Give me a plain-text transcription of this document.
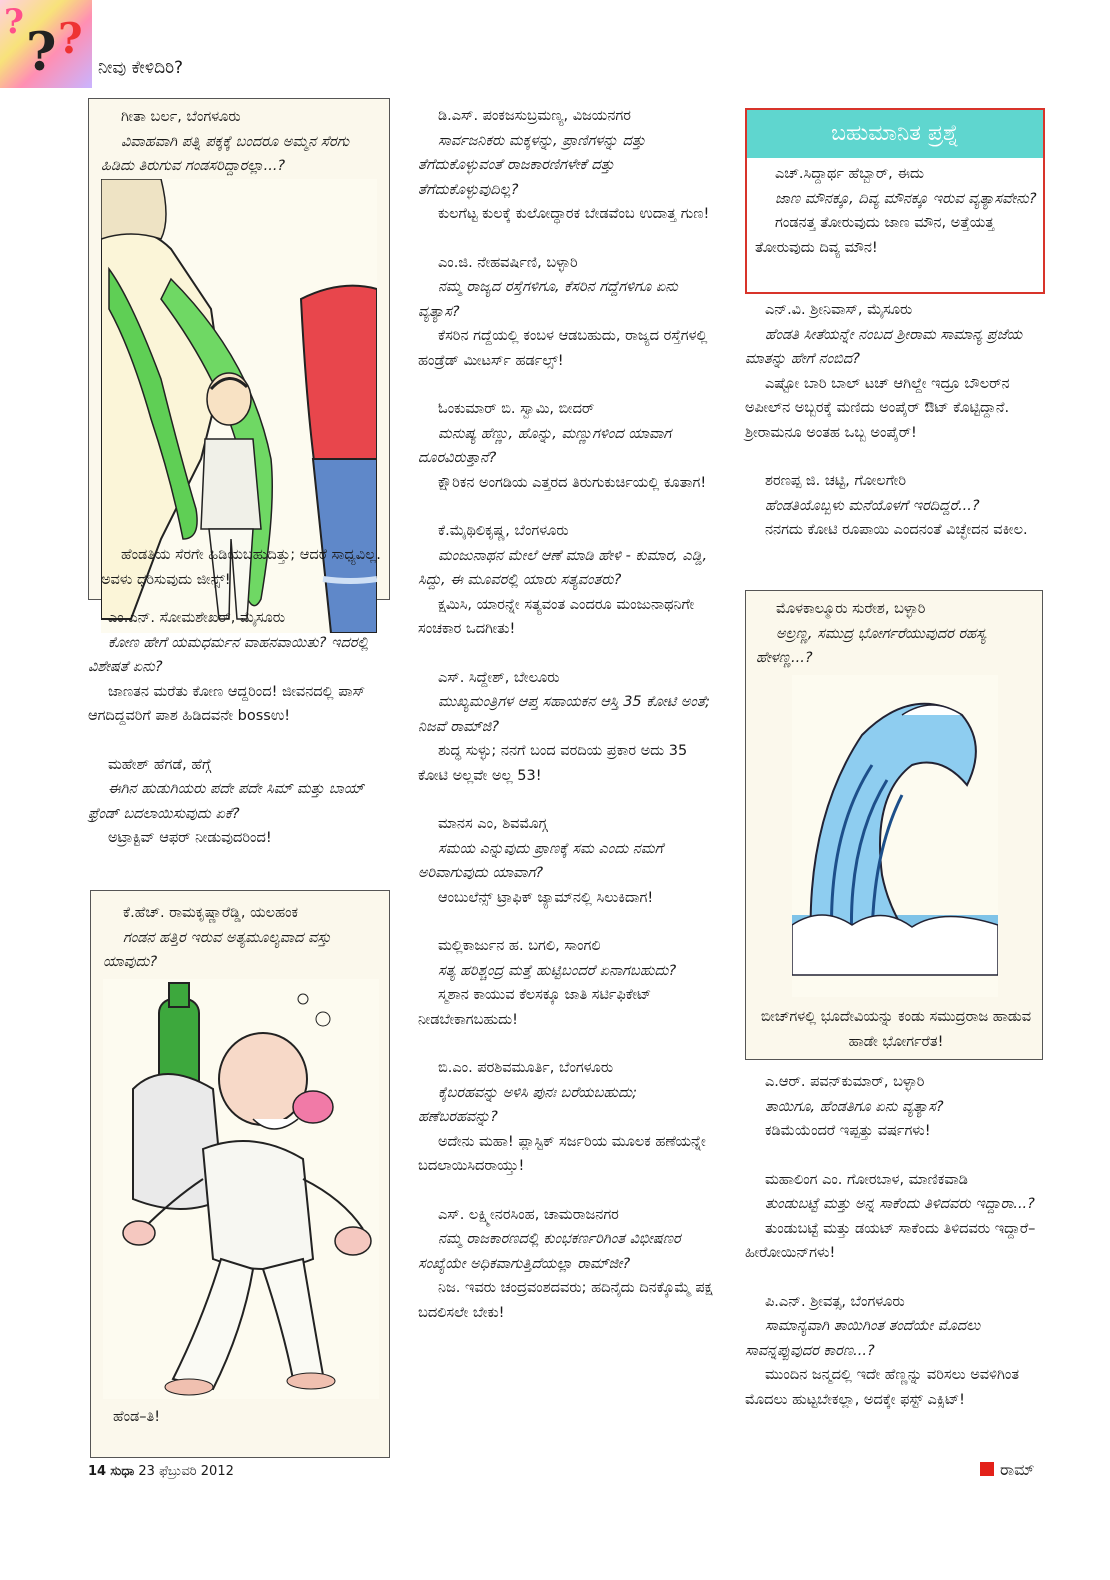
? ? ?
ನೀವು ಕೇಳಿದಿರಿ?
ಗೀತಾ ಬರ್ಲ, ಬೆಂಗಳೂರು
ವಿವಾಹವಾಗಿ ಪತ್ನಿ ಪಕ್ಕಕ್ಕೆ ಬಂದರೂ ಅಮ್ಮನ ಸೆರಗು ಹಿಡಿದು ತಿರುಗುವ ಗಂಡಸರಿದ್ದಾರಲ್ಲಾ...?
ಹೆಂಡತಿಯ ಸೆರಗೇ ಹಿಡಿಯಬಹುದಿತ್ತು; ಆದರೆ ಸಾಧ್ಯವಿಲ್ಲ. ಅವಳು ಧರಿಸುವುದು ಜೀನ್ಸ್!
ಎಂ.ಎನ್. ಸೋಮಶೇಖರ್, ಮೈಸೂರು
ಕೋಣ ಹೇಗೆ ಯಮಧರ್ಮನ ವಾಹನವಾಯಿತು? ಇದರಲ್ಲಿ ವಿಶೇಷತೆ ಏನು?
ಜಾಣತನ ಮರೆತು ಕೋಣ ಆದ್ದರಿಂದ! ಜೀವನದಲ್ಲಿ ಪಾಸ್ ಆಗದಿದ್ದವರಿಗೆ ಪಾಶ ಹಿಡಿದವನೇ bossಉ!
ಮಹೇಶ್ ಹೆಗಡೆ, ಹೆಗ್ಗೆ
ಈಗಿನ ಹುಡುಗಿಯರು ಪದೇ ಪದೇ ಸಿಮ್ ಮತ್ತು ಬಾಯ್ ಫ್ರೆಂಡ್ ಬದಲಾಯಿಸುವುದು ಏಕೆ?
ಅಟ್ರಾಕ್ಟಿವ್ ಆಫರ್ ನೀಡುವುದರಿಂದ!
ಕೆ.ಹೆಚ್. ರಾಮಕೃಷ್ಣಾರೆಡ್ಡಿ, ಯಲಹಂಕ
ಗಂಡನ ಹತ್ತಿರ ಇರುವ ಅತ್ಯಮೂಲ್ಯವಾದ ವಸ್ತು ಯಾವುದು?
ಹೆಂಡ–ತಿ!
ಡಿ.ಎಸ್. ಪಂಕಜಸುಬ್ರಮಣ್ಯ, ವಿಜಯನಗರ
ಸಾರ್ವಜನಿಕರು ಮಕ್ಕಳನ್ನು, ಪ್ರಾಣಿಗಳನ್ನು ದತ್ತು ತೆಗೆದುಕೊಳ್ಳುವಂತೆ ರಾಜಕಾರಣಿಗಳೇಕೆ ದತ್ತು ತೆಗೆದುಕೊಳ್ಳುವುದಿಲ್ಲ?
ಕುಲಗೆಟ್ಟ ಕುಲಕ್ಕೆ ಕುಲೋದ್ಧಾರಕ ಬೇಡವೆಂಬ ಉದಾತ್ತ ಗುಣ!
ಎಂ.ಜಿ. ನೇಹವರ್ಷಿಣಿ, ಬಳ್ಳಾರಿ
ನಮ್ಮ ರಾಜ್ಯದ ರಸ್ತೆಗಳಿಗೂ, ಕೆಸರಿನ ಗದ್ದೆಗಳಿಗೂ ಏನು ವ್ಯತ್ಯಾಸ?
ಕೆಸರಿನ ಗದ್ದೆಯಲ್ಲಿ ಕಂಬಳ ಆಡಬಹುದು, ರಾಜ್ಯದ ರಸ್ತೆಗಳಲ್ಲಿ ಹಂಡ್ರೆಡ್ ಮೀಟರ್ಸ್ ಹರ್ಡಲ್ಸ್!
ಓಂಕುಮಾರ್ ಬಿ. ಸ್ವಾಮಿ, ಬೀದರ್
ಮನುಷ್ಯ ಹೆಣ್ಣು, ಹೊನ್ನು, ಮಣ್ಣುಗಳಿಂದ ಯಾವಾಗ ದೂರವಿರುತ್ತಾನೆ?
ಕ್ಷೌರಿಕನ ಅಂಗಡಿಯ ಎತ್ತರದ ತಿರುಗುಕುರ್ಚಿಯಲ್ಲಿ ಕೂತಾಗ!
ಕೆ.ಮೈಥಿಲಿಕೃಷ್ಣ, ಬೆಂಗಳೂರು
ಮಂಜುನಾಥನ ಮೇಲೆ ಆಣೆ ಮಾಡಿ ಹೇಳಿ - ಕುಮಾರ, ಎಡ್ಡಿ, ಸಿದ್ದು, ಈ ಮೂವರಲ್ಲಿ ಯಾರು ಸತ್ಯವಂತರು?
ಕ್ಷಮಿಸಿ, ಯಾರನ್ನೇ ಸತ್ಯವಂತ ಎಂದರೂ ಮಂಜುನಾಥನಿಗೇ ಸಂಚಕಾರ ಒದಗೀತು!
ಎಸ್. ಸಿದ್ದೇಶ್, ಬೇಲೂರು
ಮುಖ್ಯಮಂತ್ರಿಗಳ ಆಪ್ತ ಸಹಾಯಕನ ಆಸ್ತಿ 35 ಕೋಟಿ ಅಂತೆ; ನಿಜವೆ ರಾಮ್‌ಜಿ?
ಶುದ್ಧ ಸುಳ್ಳು; ನನಗೆ ಬಂದ ವರದಿಯ ಪ್ರಕಾರ ಅದು 35 ಕೋಟಿ ಅಲ್ಲವೇ ಅಲ್ಲ 53!
ಮಾನಸ ಎಂ, ಶಿವಮೊಗ್ಗ
ಸಮಯ ಎನ್ನುವುದು ಪ್ರಾಣಕ್ಕೆ ಸಮ ಎಂದು ನಮಗೆ ಅರಿವಾಗುವುದು ಯಾವಾಗ?
ಆಂಬುಲೆನ್ಸ್ ಟ್ರಾಫಿಕ್ ಜ್ಯಾಮ್‌ನಲ್ಲಿ ಸಿಲುಕಿದಾಗ!
ಮಲ್ಲಿಕಾರ್ಜುನ ಹ. ಬಗಲಿ, ಸಾಂಗಲಿ
ಸತ್ಯ ಹರಿಶ್ಚಂದ್ರ ಮತ್ತೆ ಹುಟ್ಟಿಬಂದರೆ ಏನಾಗಬಹುದು?
ಸ್ಮಶಾನ ಕಾಯುವ ಕೆಲಸಕ್ಕೂ ಜಾತಿ ಸರ್ಟಿಫಿಕೇಟ್ ನೀಡಬೇಕಾಗಬಹುದು!
ಬಿ.ಎಂ. ಪರಶಿವಮೂರ್ತಿ, ಬೆಂಗಳೂರು
ಕೈಬರಹವನ್ನು ಅಳಿಸಿ ಪುನಃ ಬರೆಯಬಹುದು; ಹಣೆಬರಹವನ್ನು?
ಅದೇನು ಮಹಾ! ಪ್ಲಾಸ್ಟಿಕ್ ಸರ್ಜರಿಯ ಮೂಲಕ ಹಣೆಯನ್ನೇ ಬದಲಾಯಿಸಿದರಾಯ್ತು!
ಎಸ್. ಲಕ್ಷ್ಮೀನರಸಿಂಹ, ಚಾಮರಾಜನಗರ
ನಮ್ಮ ರಾಜಕಾರಣದಲ್ಲಿ ಕುಂಭಕರ್ಣರಿಗಿಂತ ವಿಭೀಷಣರ ಸಂಖ್ಯೆಯೇ ಅಧಿಕವಾಗುತ್ತಿದೆಯಲ್ಲಾ ರಾಮ್‌ಜೀ?
ನಿಜ. ಇವರು ಚಂದ್ರವಂಶದವರು; ಹದಿನೈದು ದಿನಕ್ಕೊಮ್ಮೆ ಪಕ್ಷ ಬದಲಿಸಲೇ ಬೇಕು!
ಬಹುಮಾನಿತ ಪ್ರಶ್ನೆ
ಎಚ್.ಸಿದ್ದಾರ್ಥ ಹೆಬ್ಬಾರ್, ಈದು
ಜಾಣ ಮೌನಕ್ಕೂ, ದಿವ್ಯ ಮೌನಕ್ಕೂ ಇರುವ ವ್ಯತ್ಯಾಸವೇನು?
ಗಂಡನತ್ತ ತೋರುವುದು ಜಾಣ ಮೌನ, ಅತ್ತೆಯತ್ತ ತೋರುವುದು ದಿವ್ಯ ಮೌನ!
ಎನ್.ವಿ. ಶ್ರೀನಿವಾಸ್, ಮೈಸೂರು
ಹೆಂಡತಿ ಸೀತೆಯನ್ನೇ ನಂಬದ ಶ್ರೀರಾಮ ಸಾಮಾನ್ಯ ಪ್ರಜೆಯ ಮಾತನ್ನು ಹೇಗೆ ನಂಬಿದ?
ಎಷ್ಟೋ ಬಾರಿ ಬಾಲ್ ಟಚ್ ಆಗಿಲ್ದೇ ಇದ್ರೂ ಬೌಲರ್‌ನ ಅಪೀಲ್‌ನ ಅಬ್ಬರಕ್ಕೆ ಮಣಿದು ಅಂಪೈರ್ ಔಟ್ ಕೊಟ್ಟಿದ್ದಾನೆ. ಶ್ರೀರಾಮನೂ ಅಂತಹ ಒಬ್ಬ ಅಂಪೈರ್!
ಶರಣಪ್ಪ ಜಿ. ಚಟ್ಟಿ, ಗೋಲಗೇರಿ
ಹೆಂಡತಿಯೊಬ್ಬಳು ಮನೆಯೊಳಗೆ ಇರದಿದ್ದರೆ...?
ನನಗದು ಕೋಟಿ ರೂಪಾಯಿ ಎಂದನಂತೆ ವಿಚ್ಛೇದನ ವಕೀಲ.
ಮೊಳಕಾಲ್ಮೂರು ಸುರೇಶ, ಬಳ್ಳಾರಿ
ಅಲ್ರಣ್ಣ, ಸಮುದ್ರ ಭೋರ್ಗರೆಯುವುದರ ರಹಸ್ಯ ಹೇಳಣ್ಣ...?
ಬೀಚ್‌ಗಳಲ್ಲಿ ಭೂದೇವಿಯನ್ನು ಕಂಡು ಸಮುದ್ರರಾಜ ಹಾಡುವ ಹಾಡೇ ಭೋರ್ಗರೆತ!
ಎ.ಆರ್. ಪವನ್‌ಕುಮಾರ್, ಬಳ್ಳಾರಿ
ತಾಯಿಗೂ, ಹೆಂಡತಿಗೂ ಏನು ವ್ಯತ್ಯಾಸ?
ಕಡಿಮೆಯೆಂದರೆ ಇಪ್ಪತ್ತು ವರ್ಷಗಳು!
ಮಹಾಲಿಂಗ ಎಂ. ಗೋರಬಾಳ, ಮಾಣಿಕವಾಡಿ
ತುಂಡುಬಟ್ಟೆ ಮತ್ತು ಅನ್ನ ಸಾಕೆಂದು ತಿಳಿದವರು ಇದ್ದಾರಾ...?
ತುಂಡುಬಟ್ಟೆ ಮತ್ತು ಡಯಟ್ ಸಾಕೆಂದು ತಿಳಿದವರು ಇದ್ದಾರೆ– ಹೀರೋಯಿನ್‌ಗಳು!
ಪಿ.ಎನ್. ಶ್ರೀವತ್ಸ, ಬೆಂಗಳೂರು
ಸಾಮಾನ್ಯವಾಗಿ ತಾಯಿಗಿಂತ ತಂದೆಯೇ ಮೊದಲು ಸಾವನ್ನಪ್ಪುವುದರ ಕಾರಣ...?
ಮುಂದಿನ ಜನ್ಮದಲ್ಲಿ ಇದೇ ಹೆಣ್ಣನ್ನು ವರಿಸಲು ಅವಳಿಗಿಂತ ಮೊದಲು ಹುಟ್ಟಬೇಕಲ್ಲಾ, ಅದಕ್ಕೇ ಫಸ್ಟ್ ಎಕ್ಸಿಟ್!
14 ಸುಧಾ 23 ಫೆಬ್ರುವರಿ 2012	ರಾಮ್
